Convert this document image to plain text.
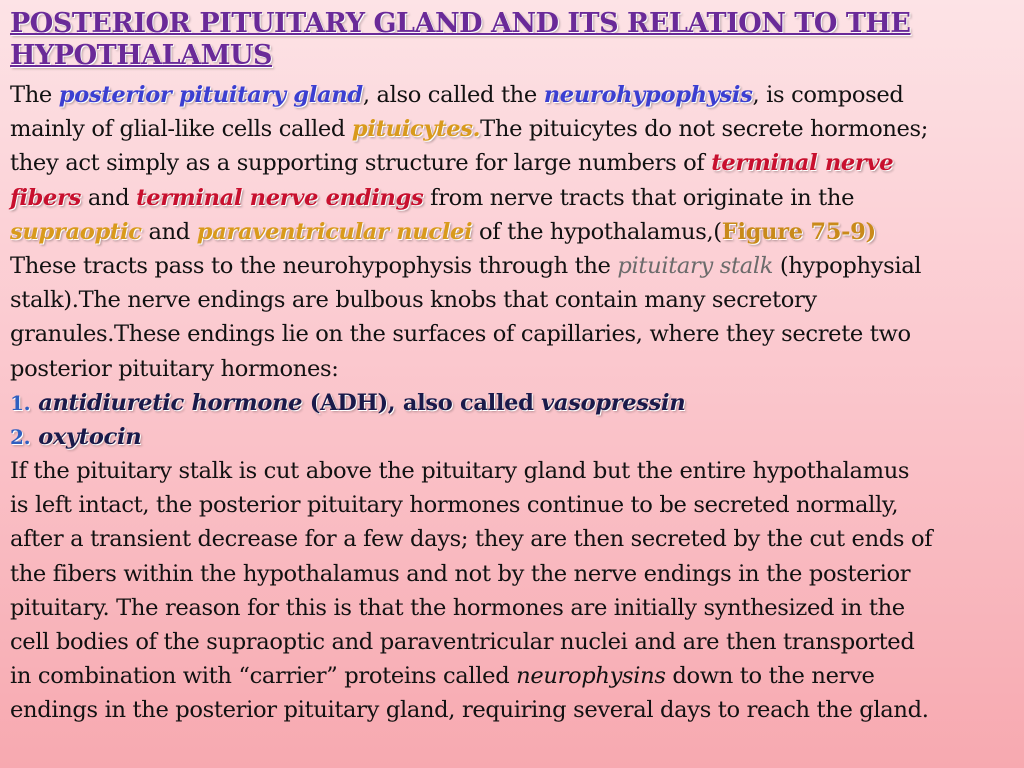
POSTERIOR PITUITARY GLAND AND ITS RELATION TO THE HYPOTHALAMUS
The posterior pituitary gland, also called the neurohypophysis, is composed
mainly of glial-like cells called pituicytes.The pituicytes do not secrete hormones;
they act simply as a supporting structure for large numbers of terminal nerve
fibers and terminal nerve endings from nerve tracts that originate in the
supraoptic and paraventricular nuclei of the hypothalamus,(Figure 75-9)
These tracts pass to the neurohypophysis through the pituitary stalk (hypophysial
stalk).The nerve endings are bulbous knobs that contain many secretory
granules.These endings lie on the surfaces of capillaries, where they secrete two
posterior pituitary hormones:
1. antidiuretic hormone (ADH), also called vasopressin
2. oxytocin
If the pituitary stalk is cut above the pituitary gland but the entire hypothalamus
is left intact, the posterior pituitary hormones continue to be secreted normally,
after a transient decrease for a few days; they are then secreted by the cut ends of
the fibers within the hypothalamus and not by the nerve endings in the posterior
pituitary. The reason for this is that the hormones are initially synthesized in the
cell bodies of the supraoptic and paraventricular nuclei and are then transported
in combination with “carrier” proteins called neurophysins down to the nerve
endings in the posterior pituitary gland, requiring several days to reach the gland.
